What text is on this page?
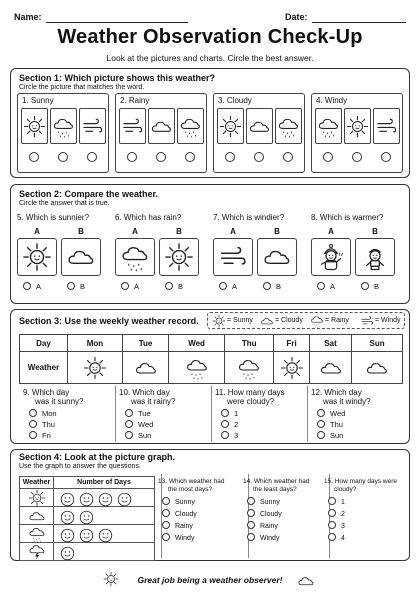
Name:	Date:
Weather Observation Check-Up
Look at the pictures and charts. Circle the best answer.
Section 1: Which picture shows this weather?
Circle the picture that matches the word.
1. Sunny	2. Rainy	3. Cloudy	4. Windy
Section 2: Compare the weather.
Circle the answer that is true.
5. Which is sunnier?
A
A
B
B
6. Which has rain?
A
A
B
B
7. Which is windier?
A
A
B
B
8. Which is warmer?
A
A
B
B
Section 3: Use the weekly weather record.	= Sunny	= Cloudy	= Rainy	= Windy
Day	Mon	Tue	Wed	Thu	Fri	Sat	Sun
Weather	

9. Which day
was it sunny?
Mon
Thu
Fri
10. Which day
was it rainy?
Tue
Wed
Sun
11. How many days
were cloudy?
1
2
3
12. Which day
was it windy?
Wed
Thu
Sun
Section 4: Look at the picture graph.
Use the graph to answer the questions.
Weather	Number of Days

		13. Which weather had
the most days?
Sunny
Cloudy
Rainy
Windy
14. Which weather had
the least days?
Sunny
Cloudy
Rainy
Windy
15. How many days were
cloudy?
1
2
3
4
Great job being a weather observer!
